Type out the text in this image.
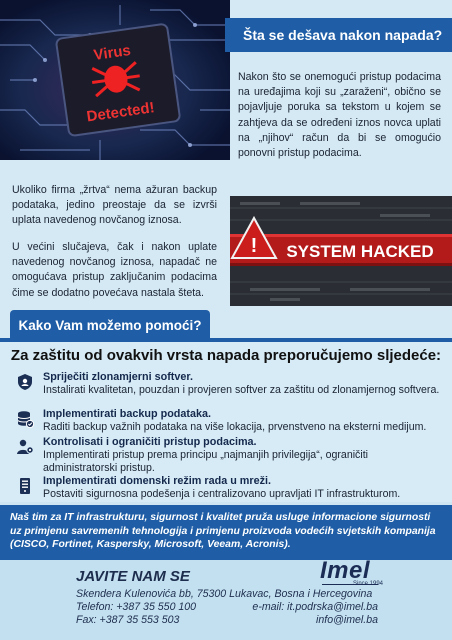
Virus
Detected!
Šta se dešava nakon napada?
Nakon što se onemogući pristup podacima na uređajima koji su „zaraženi“, obično se pojavljuje poruka sa tekstom u kojem se zahtjeva da se određeni iznos novca uplati na „njihov“ račun da bi se omogućio ponovni pristup podacima.
Ukoliko firma „žrtva“ nema ažuran backup podataka, jedino preostaje da se izvrši uplata navedenog novčanog iznosa.
U većini slučajeva, čak i nakon uplate navedenog novčanog iznosa, napadač ne omogućava pristup zaključanim podacima čime se dodatno povećava nastala šteta.
! SYSTEM HACKED
Kako Vam možemo pomoći?
Za zaštitu od ovakvih vrsta napada preporučujemo sljedeće:
Spriječiti zlonamjerni softver.
Instalirati kvalitetan, pouzdan i provjeren softver za zaštitu od zlonamjernog softvera.
Implementirati backup podataka.
Raditi backup važnih podataka na više lokacija, prvenstveno na eksterni medijum.
Kontrolisati i ograničiti pristup podacima.
Implementirati pristup prema principu „najmanjih privilegija“, ograničiti administratorski pristup.
Implementirati domenski režim rada u mreži.
Postaviti sigurnosna podešenja i centralizovano upravljati IT infrastrukturom.
Naš tim za IT infrastrukturu, sigurnost i kvalitet pruža usluge informacione sigurnosti uz primjenu savremenih tehnologija i primjenu proizvoda vodećih svjetskih kompanija (CISCO, Fortinet, Kaspersky, Microsoft, Veeam, Acronis).
JAVITE NAM SE
Skendera Kulenovića bb, 75300 Lukavac, Bosna i Hercegovina
Telefon: +387 35 550 100
Fax: +387 35 553 503
e-mail: it.podrska@imel.ba
info@imel.ba
Imel
Since 1994
